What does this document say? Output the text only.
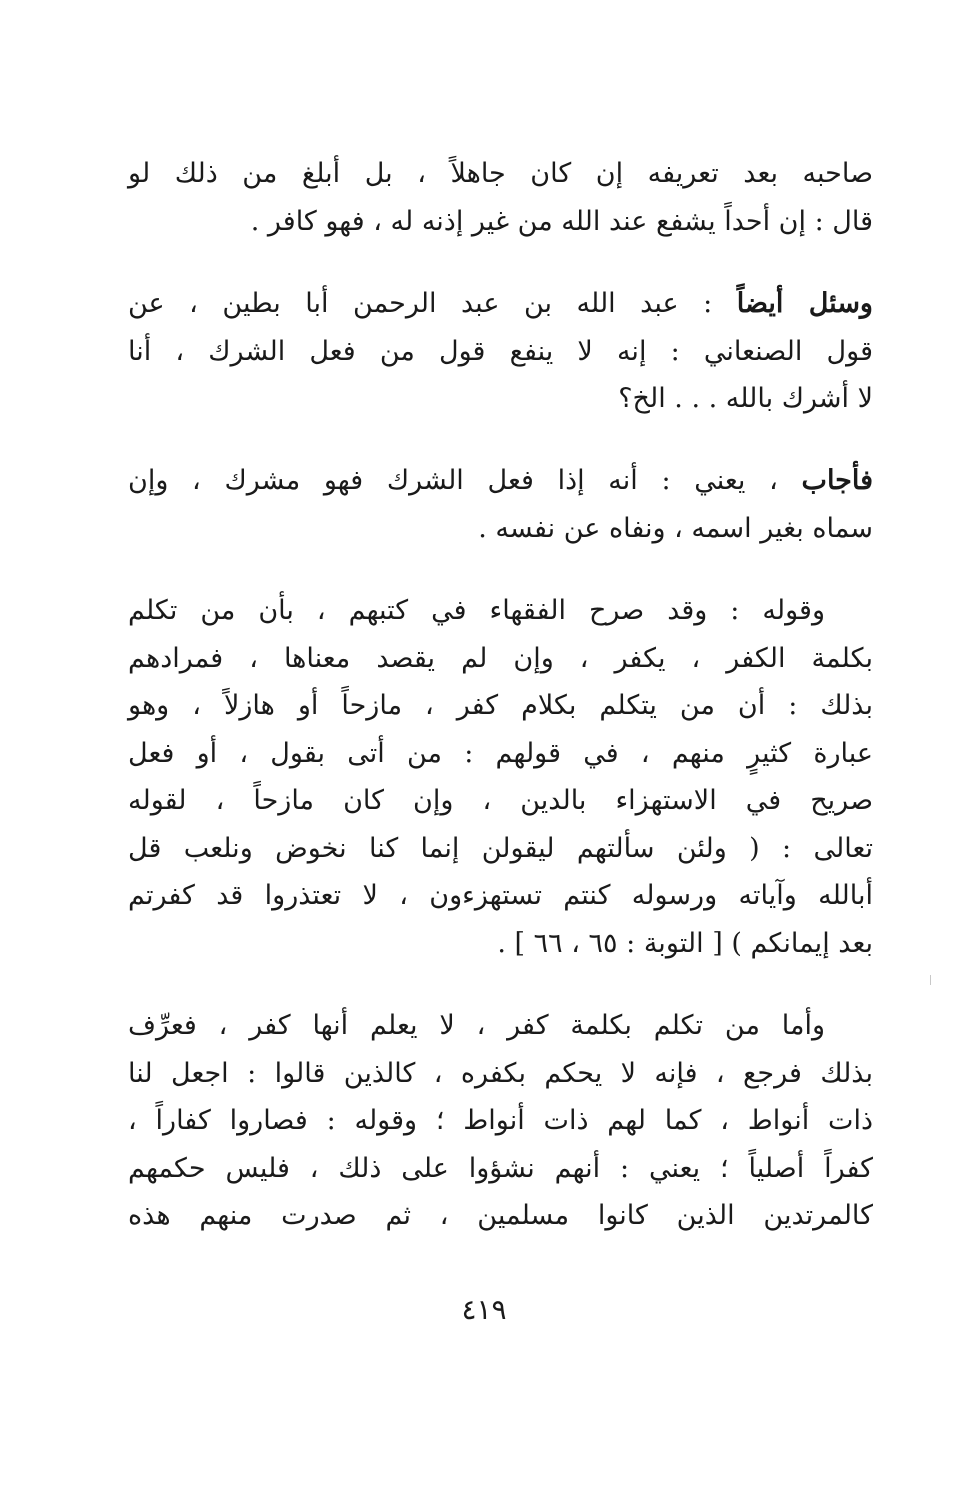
صاحبه بعد تعريفه إن كان جاهلاً ، بل أبلغ من ذلك لو
قال : إن أحداً يشفع عند الله من غير إذنه له ، فهو كافر .
وسئل أيضاً : عبد الله بن عبد الرحمن أبا بطين ، عن
قول الصنعاني : إنه لا ينفع قول من فعل الشرك ، أنا
لا أشرك بالله . . . الخ؟
فأجاب ، يعني : أنه إذا فعل الشرك فهو مشرك ، وإن
سماه بغير اسمه ، ونفاه عن نفسه .
وقوله : وقد صرح الفقهاء في كتبهم ، بأن من تكلم
بكلمة الكفر ، يكفر ، وإن لم يقصد معناها ، فمرادهم
بذلك : أن من يتكلم بكلام كفر ، مازحاً أو هازلاً ، وهو
عبارة كثيرٍ منهم ، في قولهم : من أتى بقول ، أو فعل
صريح في الاستهزاء بالدين ، وإن كان مازحاً ، لقوله
تعالى : ( ولئن سألتهم ليقولن إنما كنا نخوض ونلعب قل
أبالله وآياته ورسوله كنتم تستهزءون ، لا تعتذروا قد كفرتم
بعد إيمانكم ) [ التوبة : ٦٥ ، ٦٦ ] .
وأما من تكلم بكلمة كفر ، لا يعلم أنها كفر ، فعرِّف
بذلك فرجع ، فإنه لا يحكم بكفره ، كالذين قالوا : اجعل لنا
ذات أنواط ، كما لهم ذات أنواط ؛ وقوله : فصاروا كفاراً ،
كفراً أصلياً ؛ يعني : أنهم نشؤوا على ذلك ، فليس حكمهم
كالمرتدين الذين كانوا مسلمين ، ثم صدرت منهم هذه
٤١٩
